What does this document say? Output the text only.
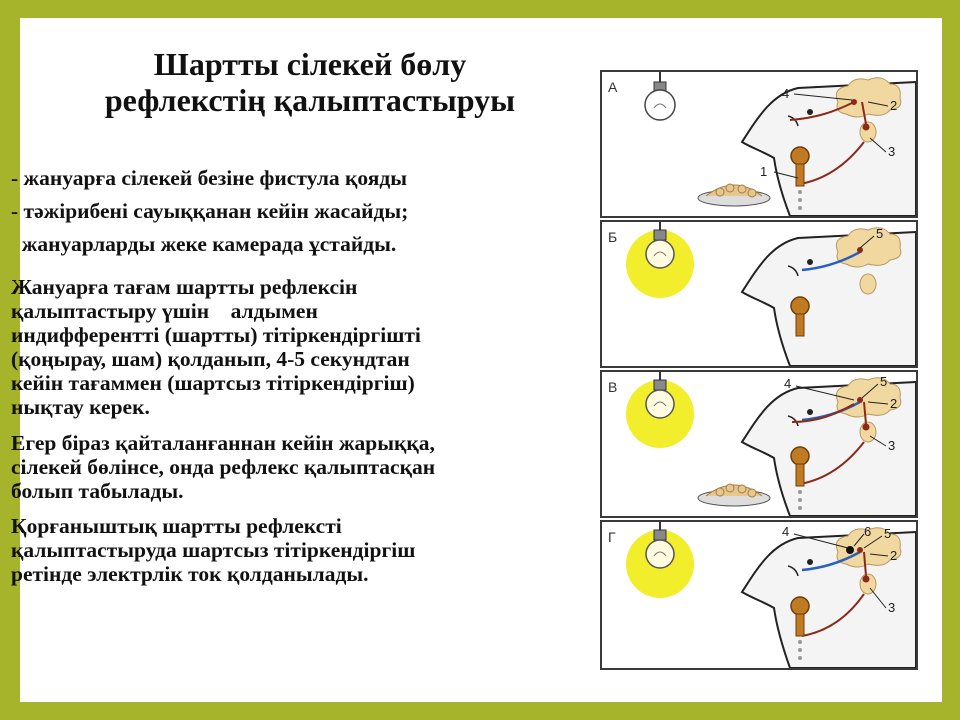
Шартты сілекей бөлу
рефлекстің қалыптастыруы
- жануарға сілекей безіне фистула қояды
- тәжірибені сауыққанан кейін жасайды;
жануарларды жеке камерада ұстайды.
Жануарға тағам шартты рефлексін
қалыптастыру үшін    алдымен
индифферентті (шартты) тітіркендіргішті
(қоңырау, шам) қолданып, 4-5 секундтан
кейін тағаммен (шартсыз тітіркендіргіш)
нықтау керек.
Егер біраз қайталанғаннан кейін жарыққа,
сілекей бөлінсе, онда рефлекс қалыптасқан
болып табылады.
Қорғаныштық шартты рефлексті
қалыптастыруда шартсыз тітіркендіргіш
ретінде электрлік ток қолданылады.
А	4
2
3
1
Б	5
В	4	5
2
3
Г	4	6 5
2
3
